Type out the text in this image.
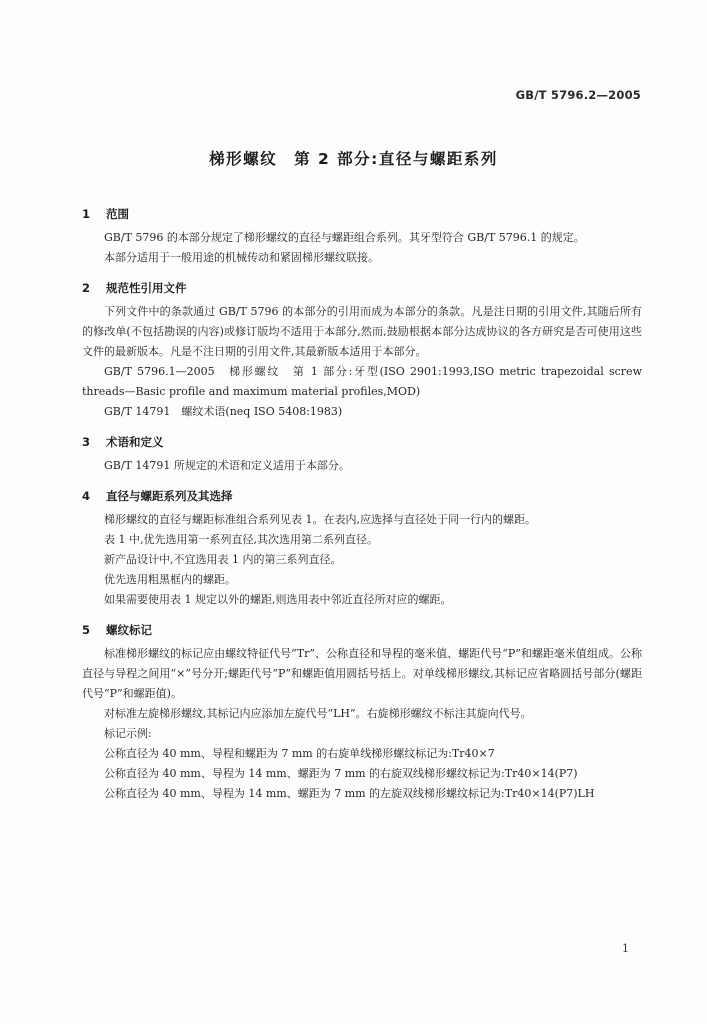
GB/T 5796.2—2005
梯形螺纹　第 2 部分:直径与螺距系列
1 范围

GB/T 5796 的本部分规定了梯形螺纹的直径与螺距组合系列。其牙型符合 GB/T 5796.1 的规定。

本部分适用于一般用途的机械传动和紧固梯形螺纹联接。

2 规范性引用文件

下列文件中的条款通过 GB/T 5796 的本部分的引用而成为本部分的条款。凡是注日期的引用文件,其随后所有的修改单(不包括勘误的内容)或修订版均不适用于本部分,然而,鼓励根据本部分达成协议的各方研究是否可使用这些文件的最新版本。凡是不注日期的引用文件,其最新版本适用于本部分。

GB/T 5796.1—2005　梯形螺纹　第 1 部分:牙型(ISO 2901:1993,ISO metric trapezoidal screw threads—Basic profile and maximum material profiles,MOD)

GB/T 14791　螺纹术语(neq ISO 5408:1983)

3 术语和定义

GB/T 14791 所规定的术语和定义适用于本部分。

4 直径与螺距系列及其选择

梯形螺纹的直径与螺距标准组合系列见表 1。在表内,应选择与直径处于同一行内的螺距。

表 1 中,优先选用第一系列直径,其次选用第二系列直径。

新产品设计中,不宜选用表 1 内的第三系列直径。

优先选用粗黑框内的螺距。

如果需要使用表 1 规定以外的螺距,则选用表中邻近直径所对应的螺距。

5 螺纹标记

标准梯形螺纹的标记应由螺纹特征代号“Tr”、公称直径和导程的毫米值、螺距代号“P”和螺距毫米值组成。公称直径与导程之间用“×”号分开;螺距代号“P”和螺距值用圆括号括上。对单线梯形螺纹,其标记应省略圆括号部分(螺距代号“P”和螺距值)。

对标准左旋梯形螺纹,其标记内应添加左旋代号“LH”。右旋梯形螺纹不标注其旋向代号。

标记示例:

公称直径为 40 mm、导程和螺距为 7 mm 的右旋单线梯形螺纹标记为:Tr40×7

公称直径为 40 mm、导程为 14 mm、螺距为 7 mm 的右旋双线梯形螺纹标记为:Tr40×14(P7)

公称直径为 40 mm、导程为 14 mm、螺距为 7 mm 的左旋双线梯形螺纹标记为:Tr40×14(P7)LH

1
